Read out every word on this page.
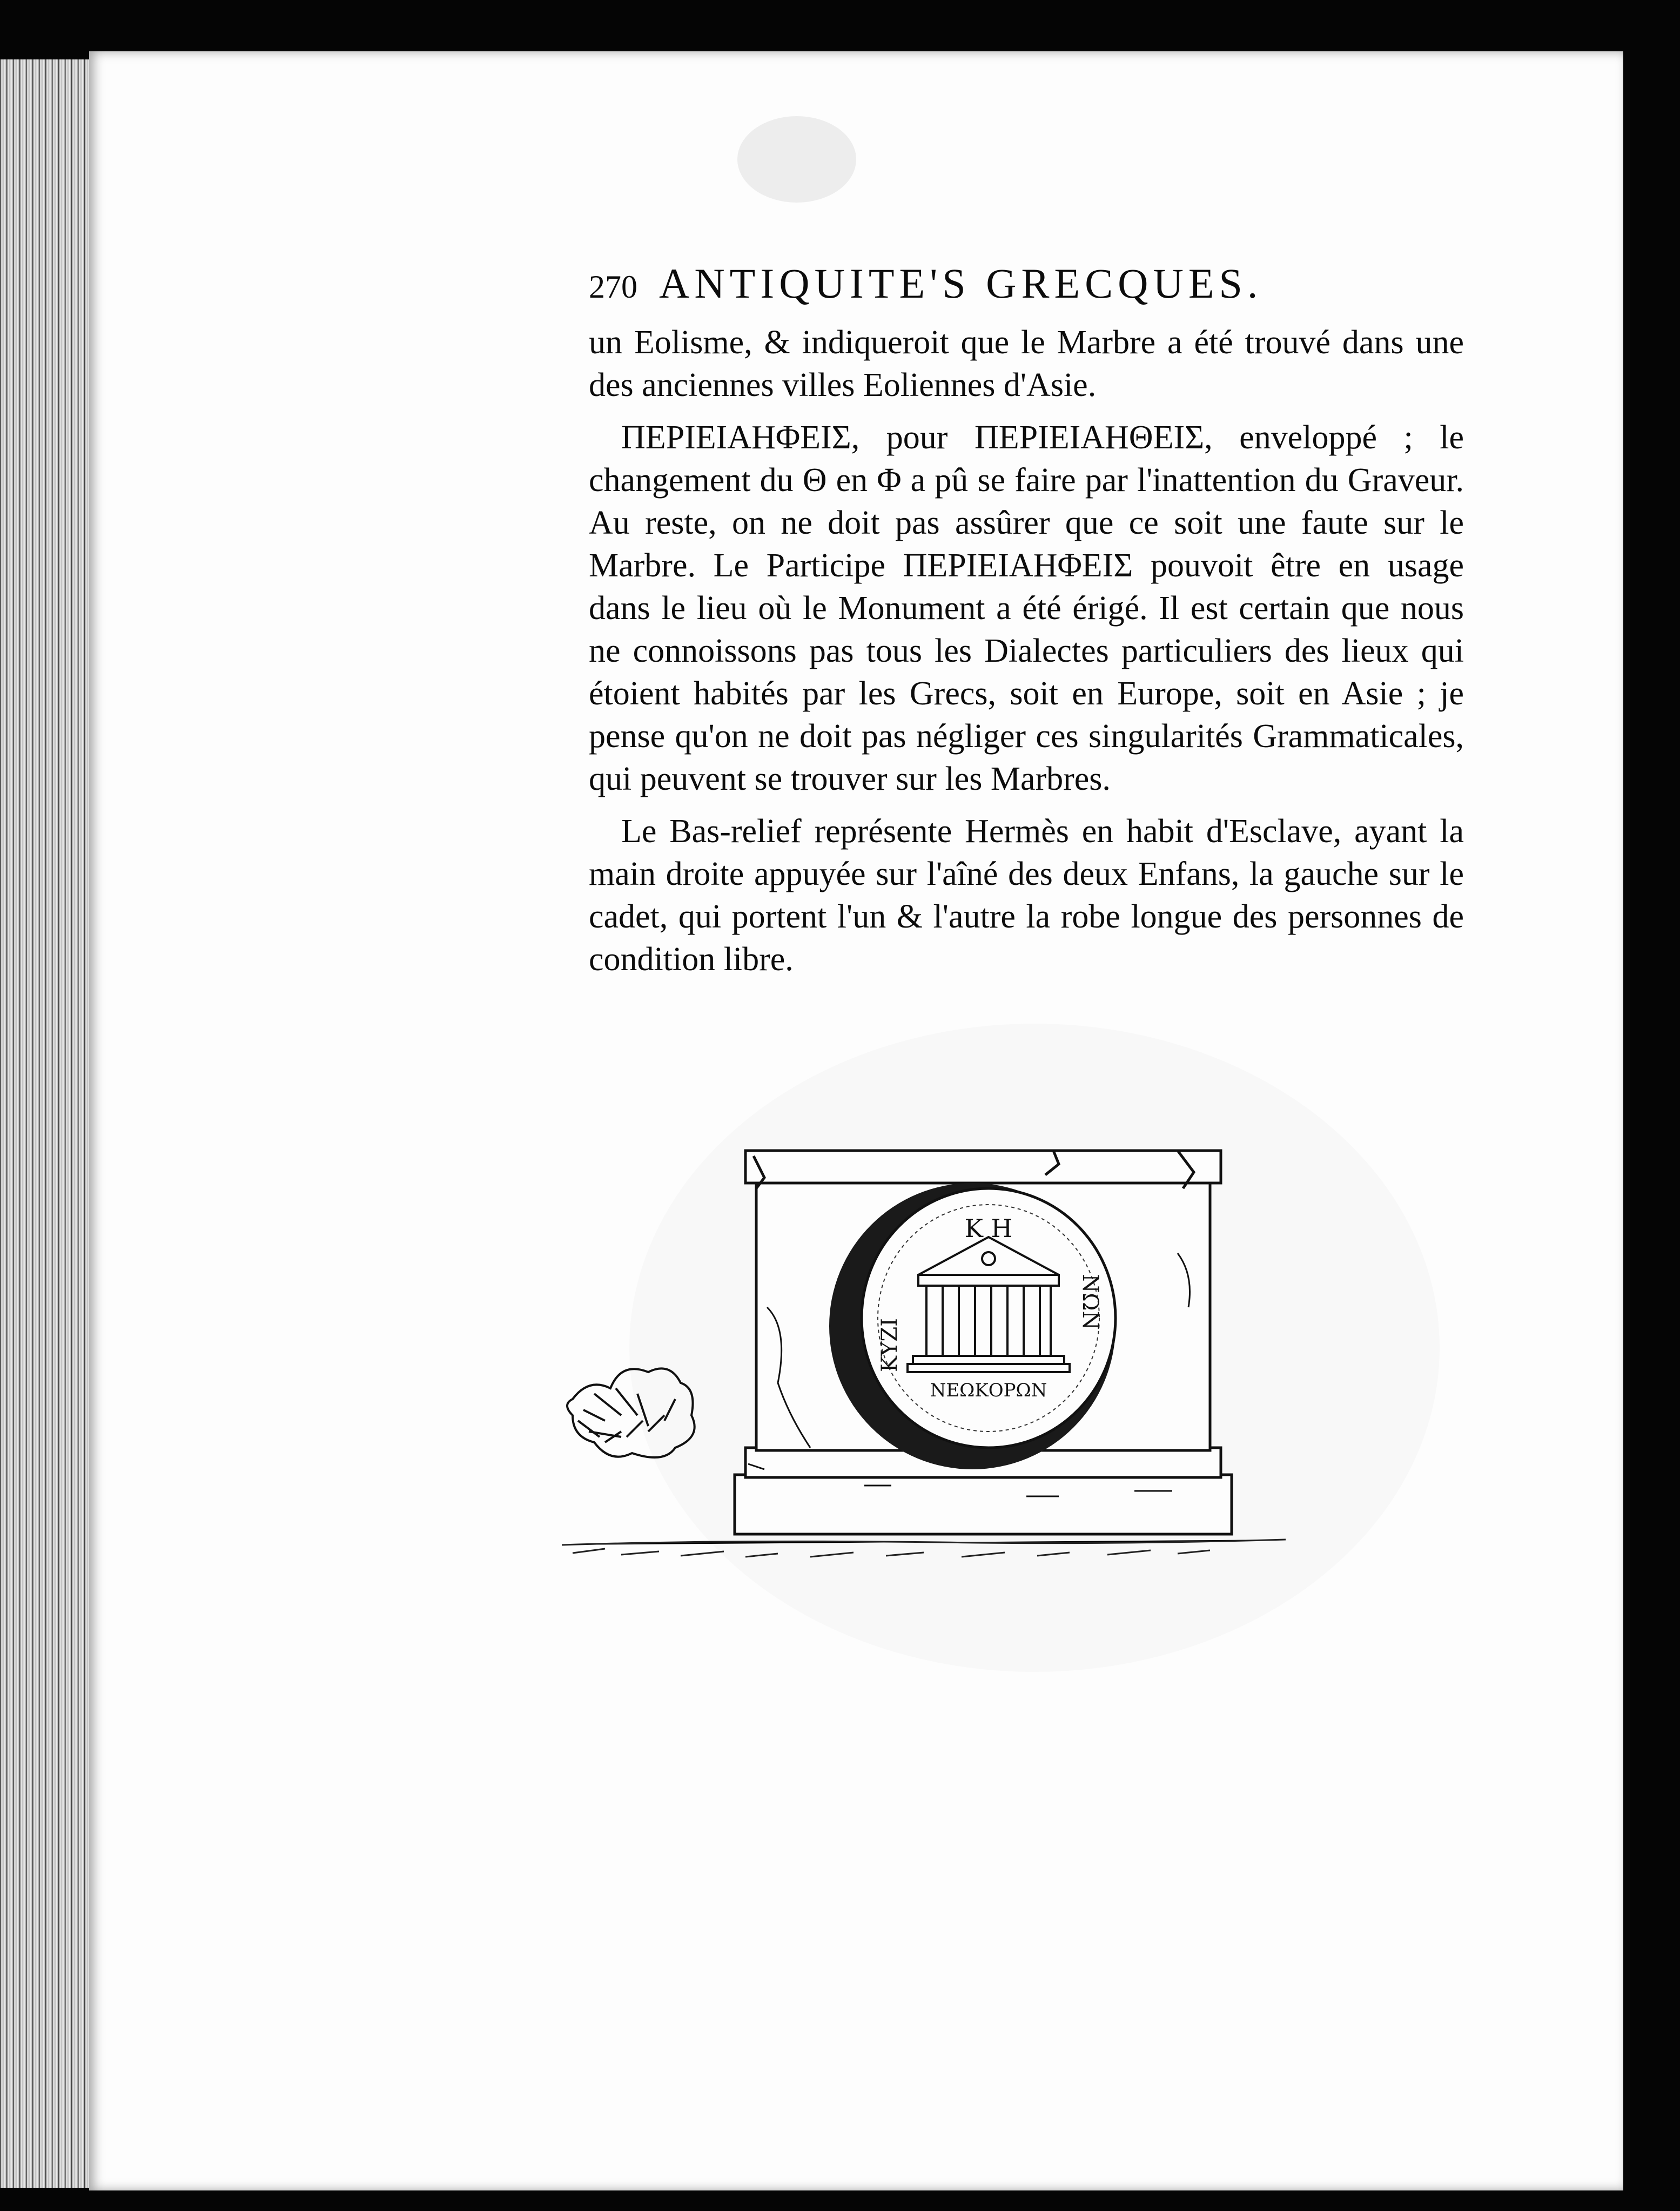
270 ANTIQUITE'S GRECQUES.

un Eolisme, & indiqueroit que le Marbre a été trouvé dans une des anciennes villes Eoliennes d'Asie.

ΠΕΡΙΕΙΑΗΦΕΙΣ, pour ΠΕΡΙΕΙΑΗΘΕΙΣ, enveloppé ; le changement du Θ en Φ a pû se faire par l'inattention du Graveur. Au reste, on ne doit pas assûrer que ce soit une faute sur le Marbre. Le Participe ΠΕΡΙΕΙΑΗΦΕΙΣ pouvoit être en usage dans le lieu où le Monument a été érigé. Il est certain que nous ne connoissons pas tous les Dialectes particuliers des lieux qui étoient habités par les Grecs, soit en Europe, soit en Asie ; je pense qu'on ne doit pas négliger ces singularités Grammaticales, qui peuvent se trouver sur les Marbres.

Le Bas-relief représente Hermès en habit d'Esclave, ayant la main droite appuyée sur l'aîné des deux Enfans, la gauche sur le cadet, qui portent l'un & l'autre la robe longue des personnes de condition libre.

Κ Η
ΚΥΖΙ
ΝΩΝ
ΝΕΩΚΟΡΩΝ
